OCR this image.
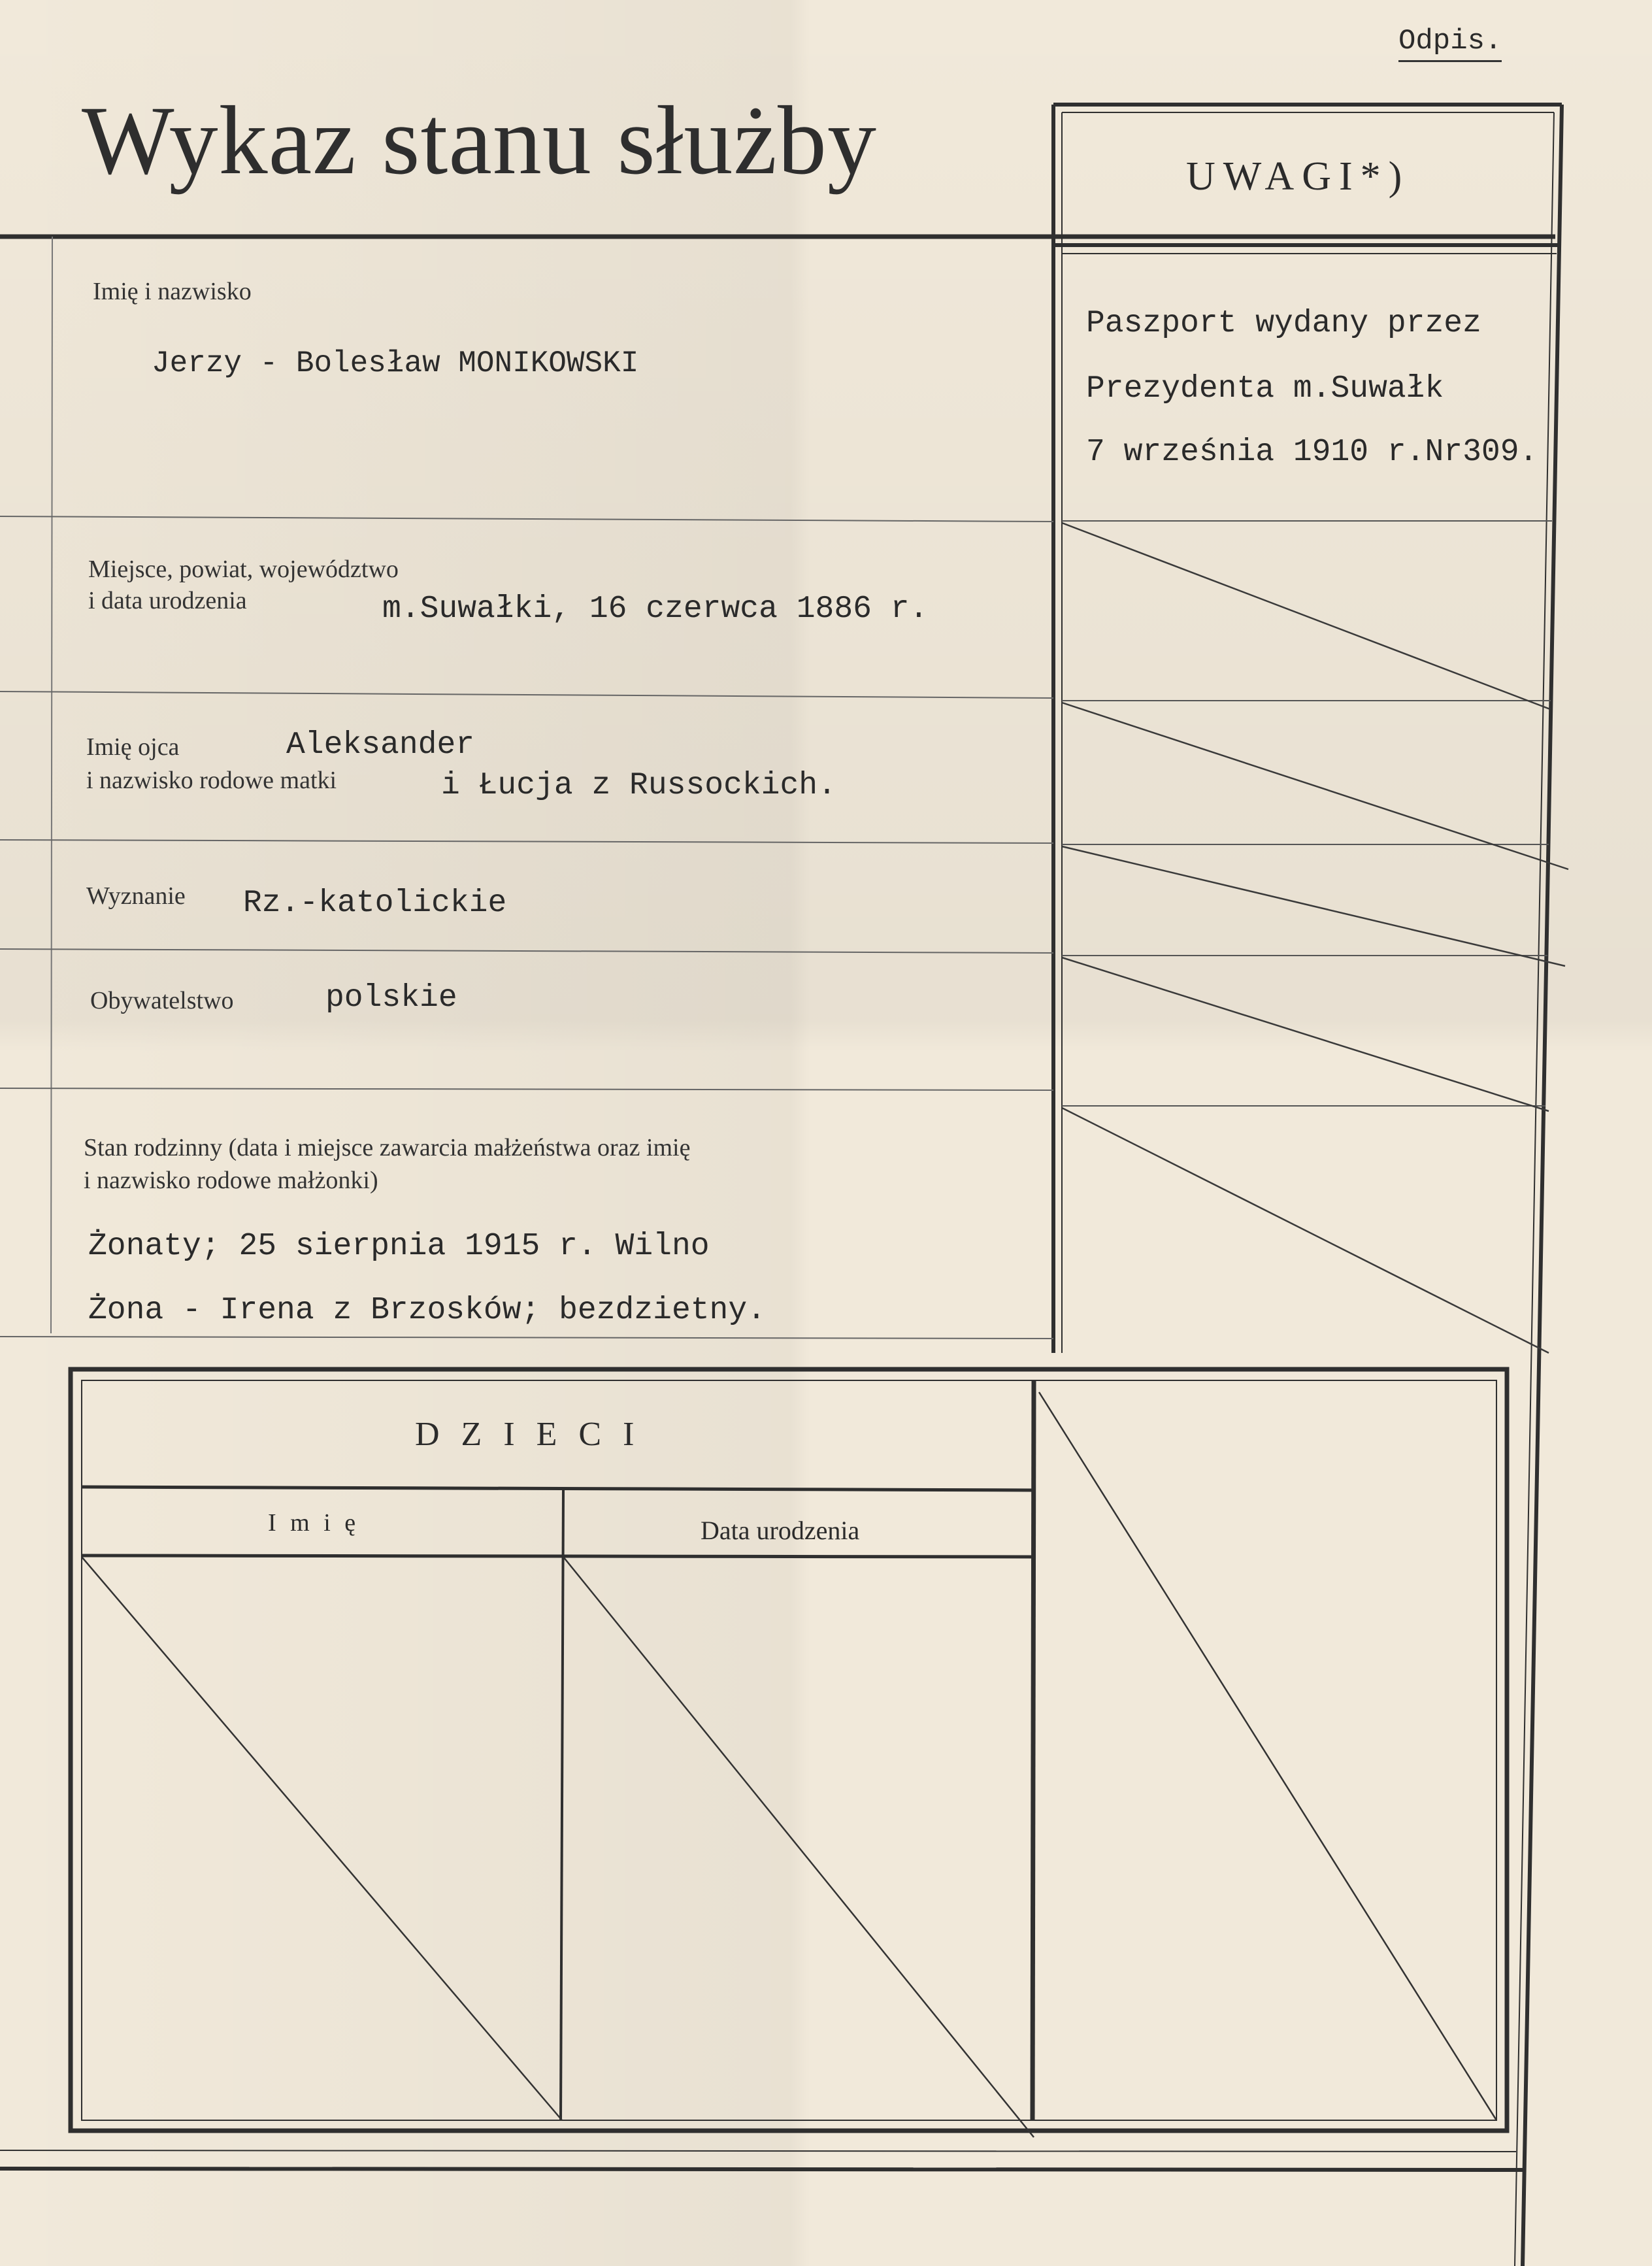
Odpis.
Wykaz stanu służby	UWAGI*)
Imię i nazwisko
Jerzy - Bolesław MONIKOWSKI
Miejsce, powiat, województwo
i data urodzenia	m.Suwałki, 16 czerwca 1886 r.
Imię ojca
i nazwisko rodowe matki
Aleksander
i Łucja z Russockich.
Wyznanie Rz.-katolickie
Obywatelstwo	polskie
Stan rodzinny (data i miejsce zawarcia małżeństwa oraz imię
i nazwisko rodowe małżonki)
Żonaty; 25 sierpnia 1915 r. Wilno
Żona - Irena z Brzosków; bezdzietny.
Paszport wydany przez
Prezydenta m.Suwałk
7 września 1910 r.Nr309.
D Z I E C I
I m i ę	Data urodzenia
